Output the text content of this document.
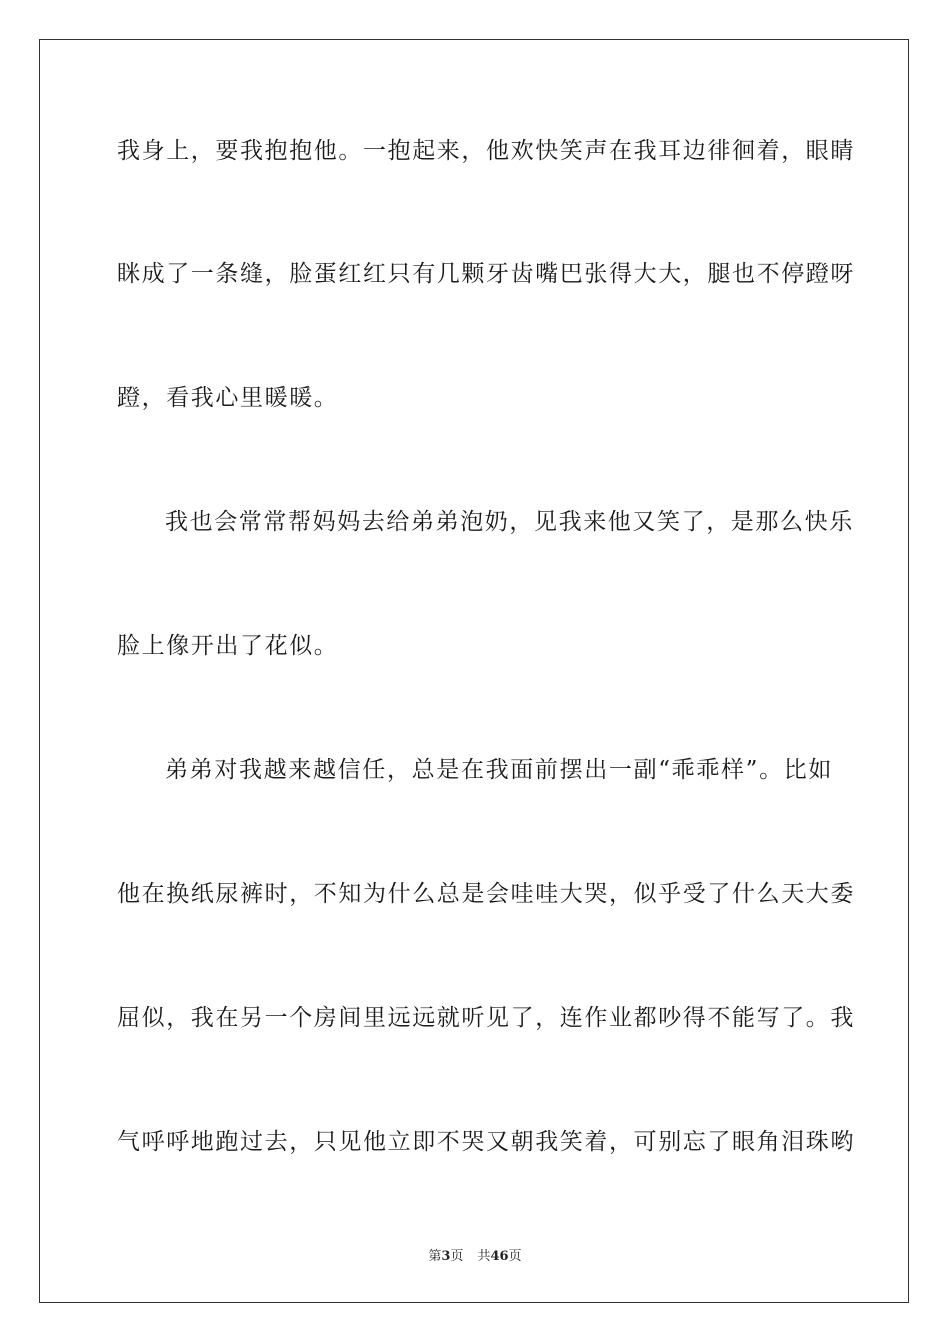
我身上，要我抱抱他。一抱起来，他欢快笑声在我耳边徘徊着，眼睛
眯成了一条缝，脸蛋红红只有几颗牙齿嘴巴张得大大，腿也不停蹬呀
蹬，看我心里暖暖。
我也会常常帮妈妈去给弟弟泡奶，见我来他又笑了，是那么快乐
脸上像开出了花似。
弟弟对我越来越信任，总是在我面前摆出一副“乖乖样”。比如
他在换纸尿裤时，不知为什么总是会哇哇大哭，似乎受了什么天大委
屈似，我在另一个房间里远远就听见了，连作业都吵得不能写了。我
气呼呼地跑过去，只见他立即不哭又朝我笑着，可别忘了眼角泪珠哟
第3页 共46页
